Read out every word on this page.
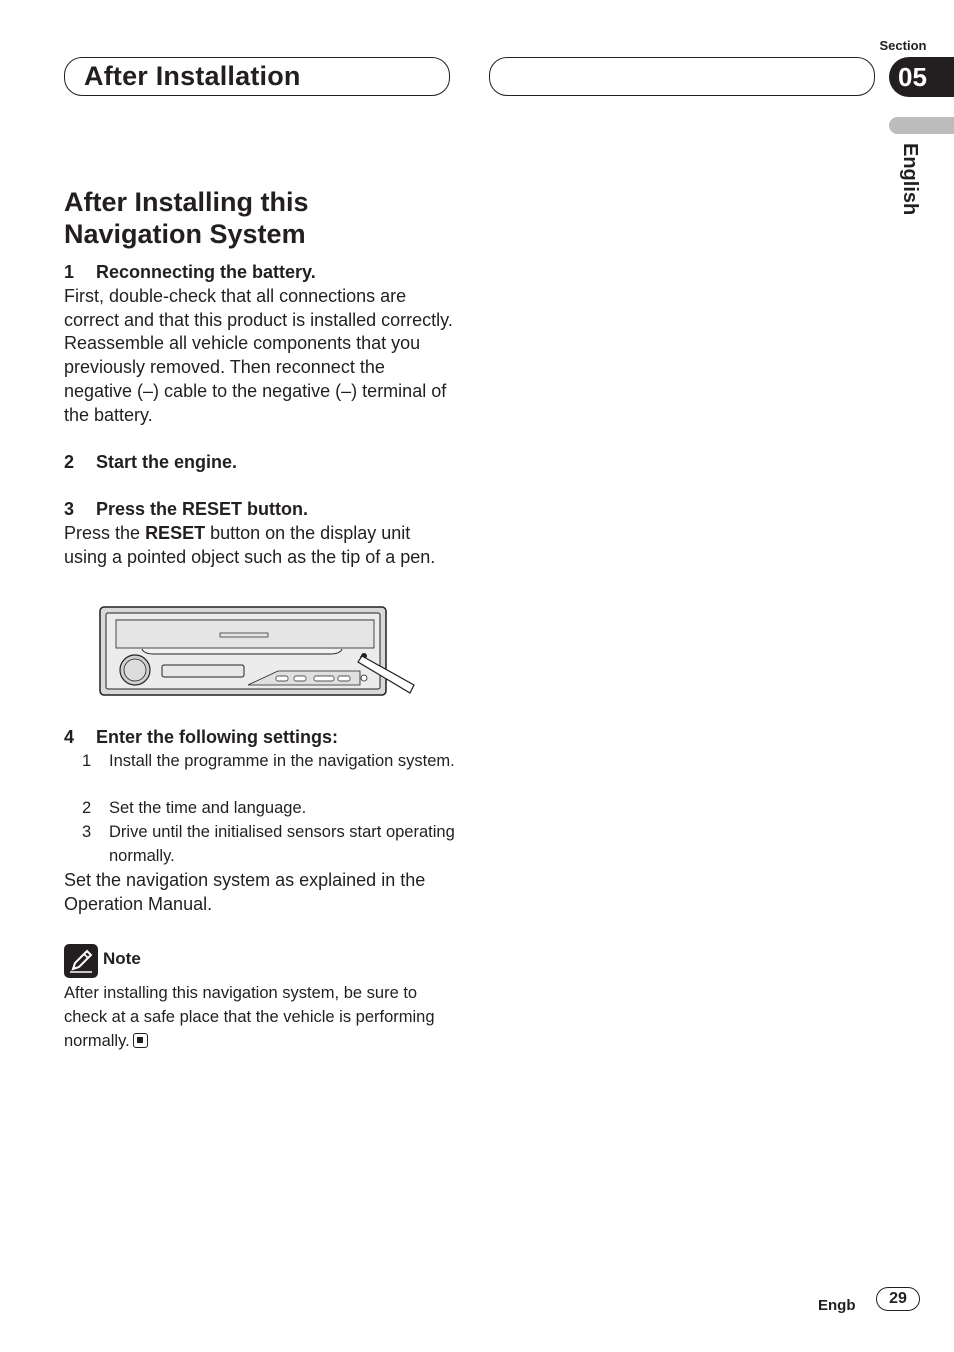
After Installation
Section
05
English
After Installing this
Navigation System
1 Reconnecting the battery.
First, double-check that all connections are correct and that this product is installed correctly. Reassemble all vehicle components that you previously removed. Then reconnect the negative (–) cable to the negative (–) terminal of the battery.
2 Start the engine.
3 Press the RESET button.
Press the RESET button on the display unit using a pointed object such as the tip of a pen.
4 Enter the following settings:
1 Install the programme in the navigation system.
2 Set the time and language.
3 Drive until the initialised sensors start operating normally.
Set the navigation system as explained in the Operation Manual.
Note
After installing this navigation system, be sure to check at a safe place that the vehicle is performing normally.
Engb	29
